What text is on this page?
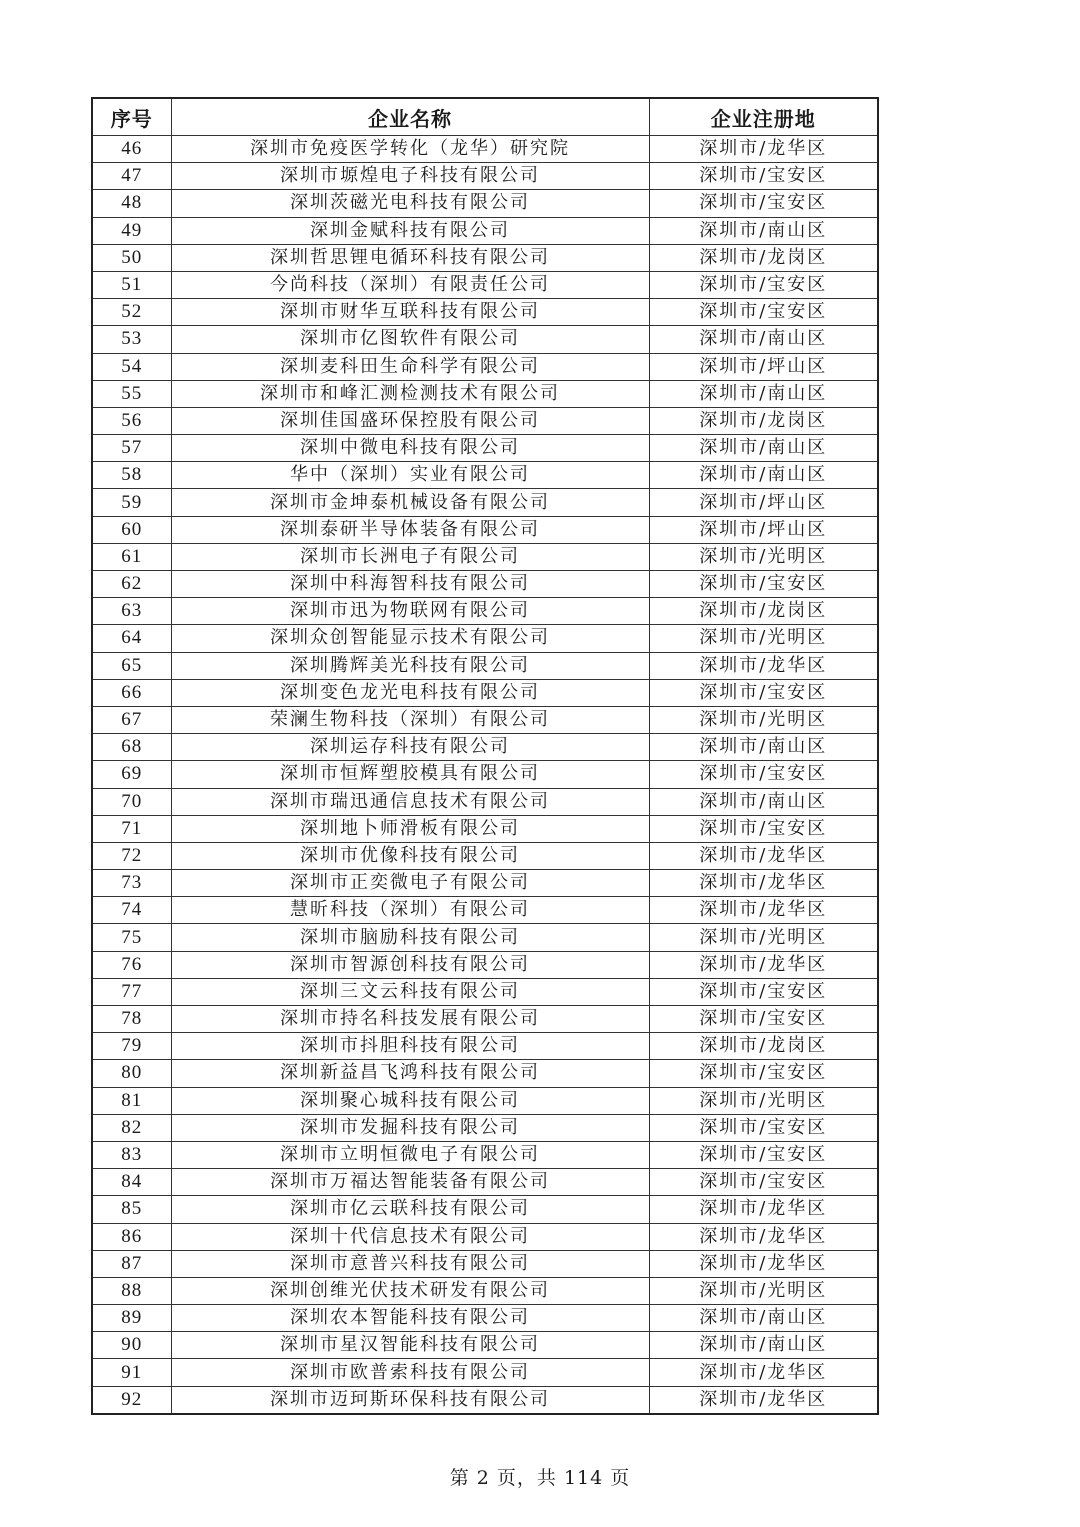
序号	企业名称	企业注册地
46	深圳市免疫医学转化（龙华）研究院	深圳市/龙华区
47	深圳市塬煌电子科技有限公司	深圳市/宝安区
48	深圳茨磁光电科技有限公司	深圳市/宝安区
49	深圳金赋科技有限公司	深圳市/南山区
50	深圳哲思锂电循环科技有限公司	深圳市/龙岗区
51	今尚科技（深圳）有限责任公司	深圳市/宝安区
52	深圳市财华互联科技有限公司	深圳市/宝安区
53	深圳市亿图软件有限公司	深圳市/南山区
54	深圳麦科田生命科学有限公司	深圳市/坪山区
55	深圳市和峰汇测检测技术有限公司	深圳市/南山区
56	深圳佳国盛环保控股有限公司	深圳市/龙岗区
57	深圳中微电科技有限公司	深圳市/南山区
58	华中（深圳）实业有限公司	深圳市/南山区
59	深圳市金坤泰机械设备有限公司	深圳市/坪山区
60	深圳泰研半导体装备有限公司	深圳市/坪山区
61	深圳市长洲电子有限公司	深圳市/光明区
62	深圳中科海智科技有限公司	深圳市/宝安区
63	深圳市迅为物联网有限公司	深圳市/龙岗区
64	深圳众创智能显示技术有限公司	深圳市/光明区
65	深圳腾辉美光科技有限公司	深圳市/龙华区
66	深圳变色龙光电科技有限公司	深圳市/宝安区
67	荣澜生物科技（深圳）有限公司	深圳市/光明区
68	深圳运存科技有限公司	深圳市/南山区
69	深圳市恒辉塑胶模具有限公司	深圳市/宝安区
70	深圳市瑞迅通信息技术有限公司	深圳市/南山区
71	深圳地卜师滑板有限公司	深圳市/宝安区
72	深圳市优像科技有限公司	深圳市/龙华区
73	深圳市正奕微电子有限公司	深圳市/龙华区
74	慧昕科技（深圳）有限公司	深圳市/龙华区
75	深圳市脑励科技有限公司	深圳市/光明区
76	深圳市智源创科技有限公司	深圳市/龙华区
77	深圳三文云科技有限公司	深圳市/宝安区
78	深圳市持名科技发展有限公司	深圳市/宝安区
79	深圳市抖胆科技有限公司	深圳市/龙岗区
80	深圳新益昌飞鸿科技有限公司	深圳市/宝安区
81	深圳聚心城科技有限公司	深圳市/光明区
82	深圳市发掘科技有限公司	深圳市/宝安区
83	深圳市立明恒微电子有限公司	深圳市/宝安区
84	深圳市万福达智能装备有限公司	深圳市/宝安区
85	深圳市亿云联科技有限公司	深圳市/龙华区
86	深圳十代信息技术有限公司	深圳市/龙华区
87	深圳市意普兴科技有限公司	深圳市/龙华区
88	深圳创维光伏技术研发有限公司	深圳市/光明区
89	深圳农本智能科技有限公司	深圳市/南山区
90	深圳市星汉智能科技有限公司	深圳市/南山区
91	深圳市欧普索科技有限公司	深圳市/龙华区
92	深圳市迈珂斯环保科技有限公司	深圳市/龙华区
第 2 页，共 114 页
